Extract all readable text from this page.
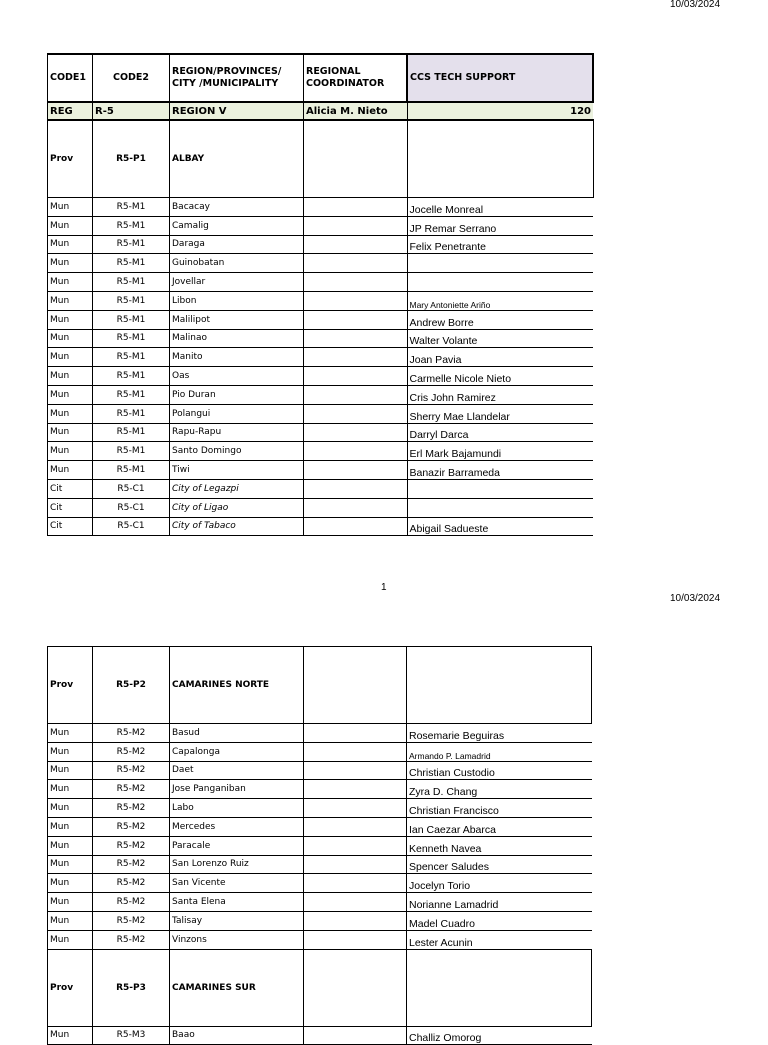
10/03/2024
CODE1	CODE2	REGION/PROVINCES/ CITY /MUNICIPALITY	REGIONAL COORDINATOR	CCS TECH SUPPORT
REG	R-5	REGION V	Alicia M. Nieto	120
Prov	R5-P1	ALBAY		
Mun	R5-M1	Bacacay		Jocelle Monreal
Mun	R5-M1	Camalig		JP Remar Serrano
Mun	R5-M1	Daraga		Felix Penetrante
Mun	R5-M1	Guinobatan		
Mun	R5-M1	Jovellar		
Mun	R5-M1	Libon		Mary Antoniette Ariño
Mun	R5-M1	Malilipot		Andrew Borre
Mun	R5-M1	Malinao		Walter Volante
Mun	R5-M1	Manito		Joan Pavia
Mun	R5-M1	Oas		Carmelle Nicole Nieto
Mun	R5-M1	Pio Duran		Cris John Ramirez
Mun	R5-M1	Polangui		Sherry Mae Llandelar
Mun	R5-M1	Rapu-Rapu		Darryl Darca
Mun	R5-M1	Santo Domingo		Erl Mark Bajamundi
Mun	R5-M1	Tiwi		Banazir Barrameda
Cit	R5-C1	City of Legazpi		
Cit	R5-C1	City of Ligao		
Cit	R5-C1	City of Tabaco		Abigail Sadueste
1
10/03/2024
Prov	R5-P2	CAMARINES NORTE		
Mun	R5-M2	Basud		Rosemarie Beguiras
Mun	R5-M2	Capalonga		Armando P. Lamadrid
Mun	R5-M2	Daet		Christian Custodio
Mun	R5-M2	Jose Panganiban		Zyra D. Chang
Mun	R5-M2	Labo		Christian Francisco
Mun	R5-M2	Mercedes		Ian Caezar Abarca
Mun	R5-M2	Paracale		Kenneth Navea
Mun	R5-M2	San Lorenzo Ruiz		Spencer Saludes
Mun	R5-M2	San Vicente		Jocelyn Torio
Mun	R5-M2	Santa Elena		Norianne Lamadrid
Mun	R5-M2	Talisay		Madel Cuadro
Mun	R5-M2	Vinzons		Lester Acunin
Prov	R5-P3	CAMARINES SUR		
Mun	R5-M3	Baao		Challiz Omorog
